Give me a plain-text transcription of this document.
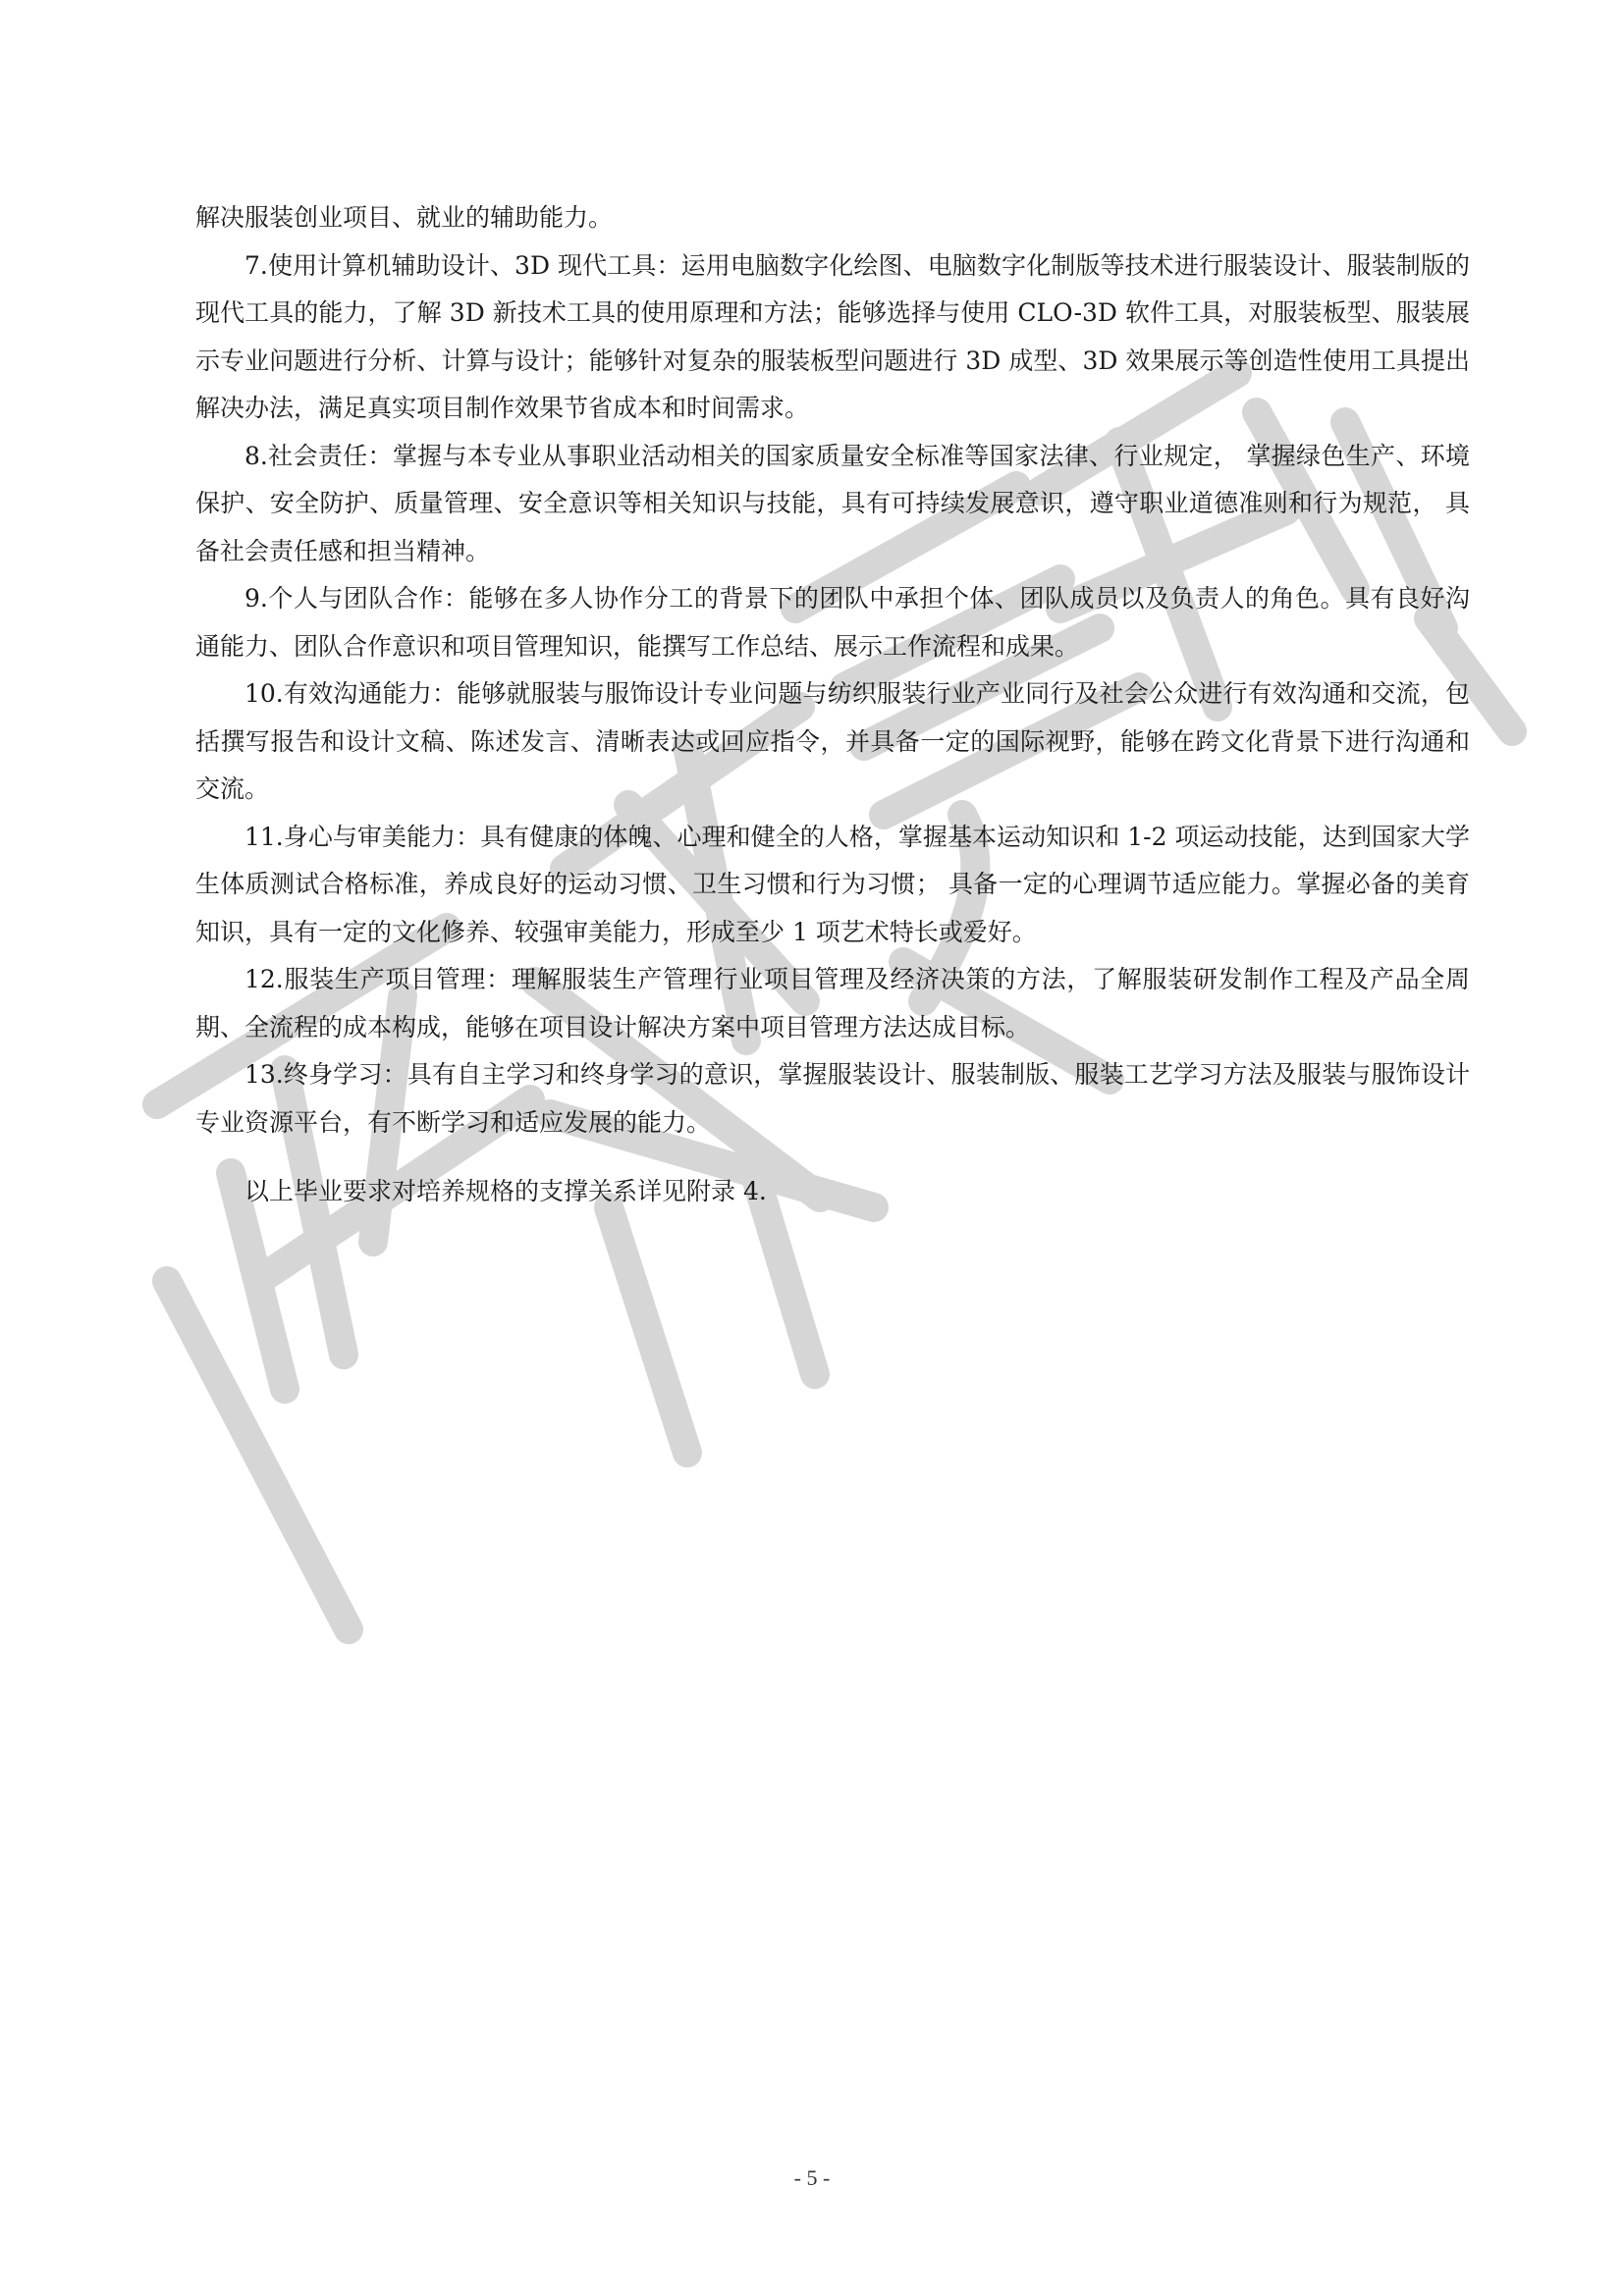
解决服装创业项目、就业的辅助能力。

7.使用计算机辅助设计、3D 现代工具：运用电脑数字化绘图、电脑数字化制版等技术进行服装设计、服装制版的现代工具的能力，了解 3D 新技术工具的使用原理和方法；能够选择与使用 CLO-3D 软件工具，对服装板型、服装展示专业问题进行分析、计算与设计；能够针对复杂的服装板型问题进行 3D 成型、3D 效果展示等创造性使用工具提出解决办法，满足真实项目制作效果节省成本和时间需求。

8.社会责任：掌握与本专业从事职业活动相关的国家质量安全标准等国家法律、行业规定， 掌握绿色生产、环境保护、安全防护、质量管理、安全意识等相关知识与技能，具有可持续发展意识，遵守职业道德准则和行为规范， 具备社会责任感和担当精神。

9.个人与团队合作：能够在多人协作分工的背景下的团队中承担个体、团队成员以及负责人的角色。具有良好沟通能力、团队合作意识和项目管理知识，能撰写工作总结、展示工作流程和成果。

10.有效沟通能力：能够就服装与服饰设计专业问题与纺织服装行业产业同行及社会公众进行有效沟通和交流，包括撰写报告和设计文稿、陈述发言、清晰表达或回应指令，并具备一定的国际视野，能够在跨文化背景下进行沟通和交流。

11.身心与审美能力：具有健康的体魄、心理和健全的人格，掌握基本运动知识和 1-2 项运动技能，达到国家大学生体质测试合格标准，养成良好的运动习惯、卫生习惯和行为习惯； 具备一定的心理调节适应能力。掌握必备的美育知识，具有一定的文化修养、较强审美能力，形成至少 1 项艺术特长或爱好。

12.服装生产项目管理：理解服装生产管理行业项目管理及经济决策的方法，了解服装研发制作工程及产品全周期、全流程的成本构成，能够在项目设计解决方案中项目管理方法达成目标。

13.终身学习：具有自主学习和终身学习的意识，掌握服装设计、服装制版、服装工艺学习方法及服装与服饰设计专业资源平台，有不断学习和适应发展的能力。

以上毕业要求对培养规格的支撑关系详见附录 4.

- 5 -
